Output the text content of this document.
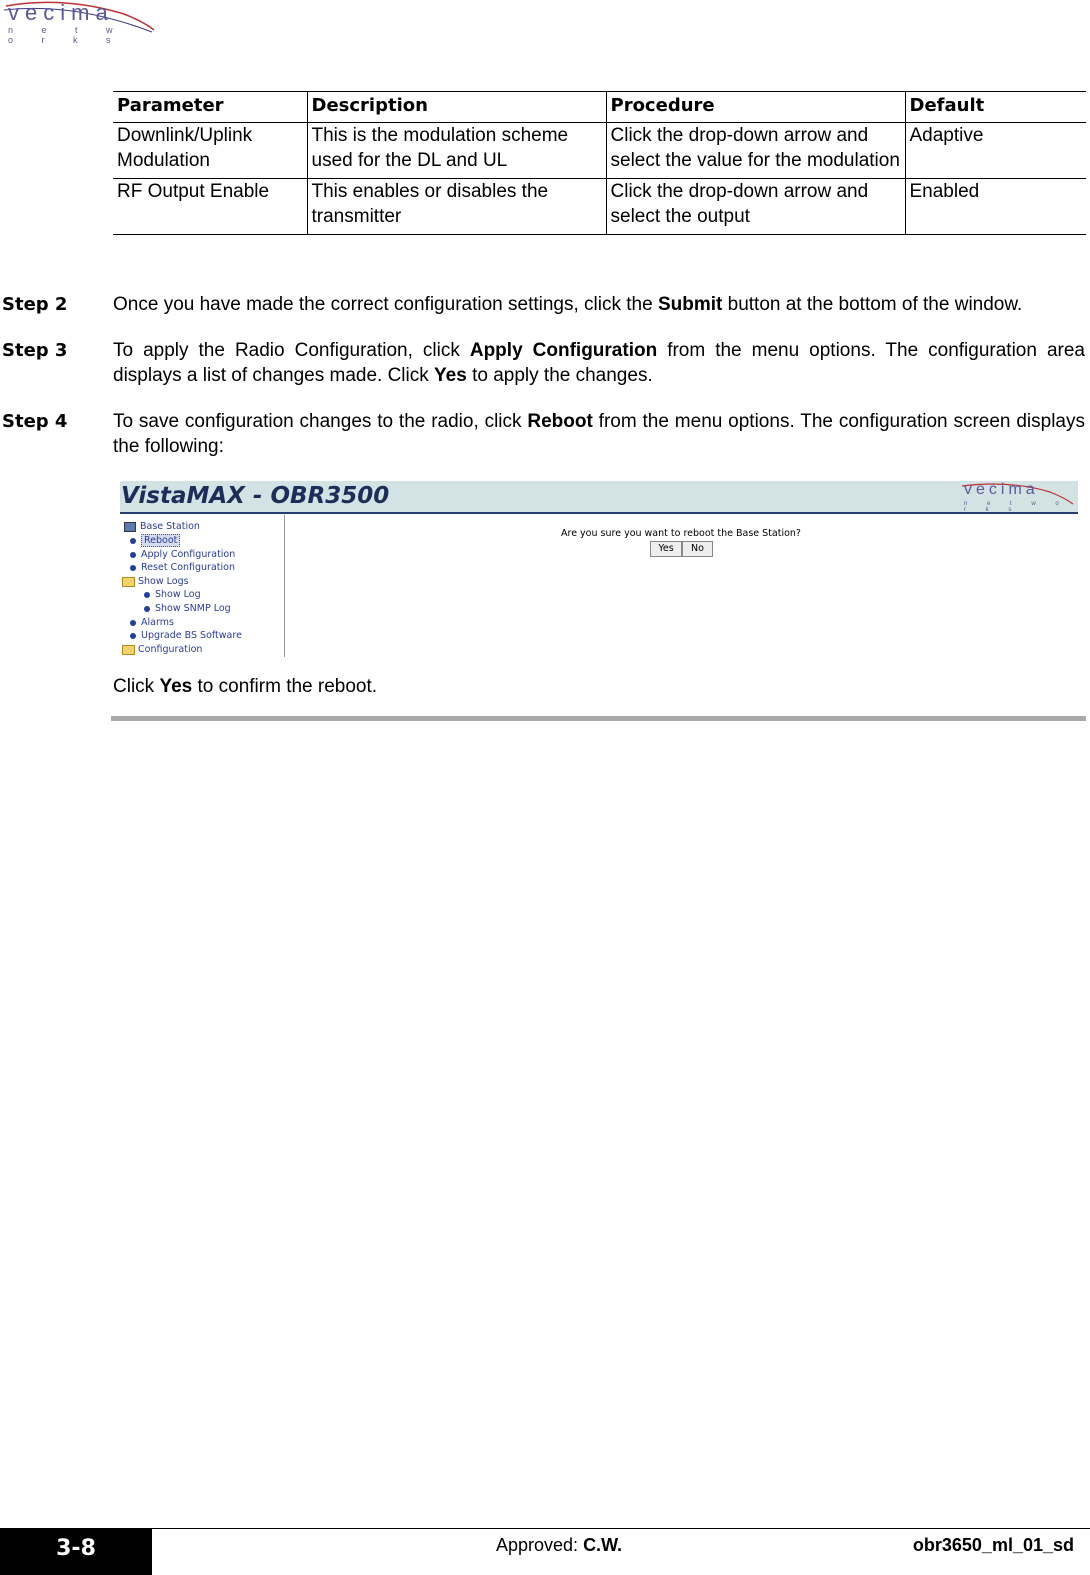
vecima
n e t w o r k s
Parameter	Description	Procedure	Default
Downlink/Uplink Modulation	This is the modulation scheme used for the DL and UL	Click the drop-down arrow and select the value for the modulation	Adaptive
RF Output Enable	This enables or disables the transmitter	Click the drop-down arrow and select the output	Enabled
Step 2 Once you have made the correct configuration settings, click the Submit button at the bottom of the window.
Step 3 To apply the Radio Configuration, click Apply Configuration from the menu options. The configuration area displays a list of changes made. Click Yes to apply the changes.
Step 4 To save configuration changes to the radio, click Reboot from the menu options. The configuration screen displays the following:
VistaMAX - OBR3500	vecima
n e t w o r k s
Base Station
Reboot
Apply Configuration
Reset Configuration
Show Logs
Show Log
Show SNMP Log
Alarms
Upgrade BS Software
Configuration
Are you sure you want to reboot the Base Station?
Yes	No
Click Yes to confirm the reboot.
3-8	Approved: C.W.	obr3650_ml_01_sd
